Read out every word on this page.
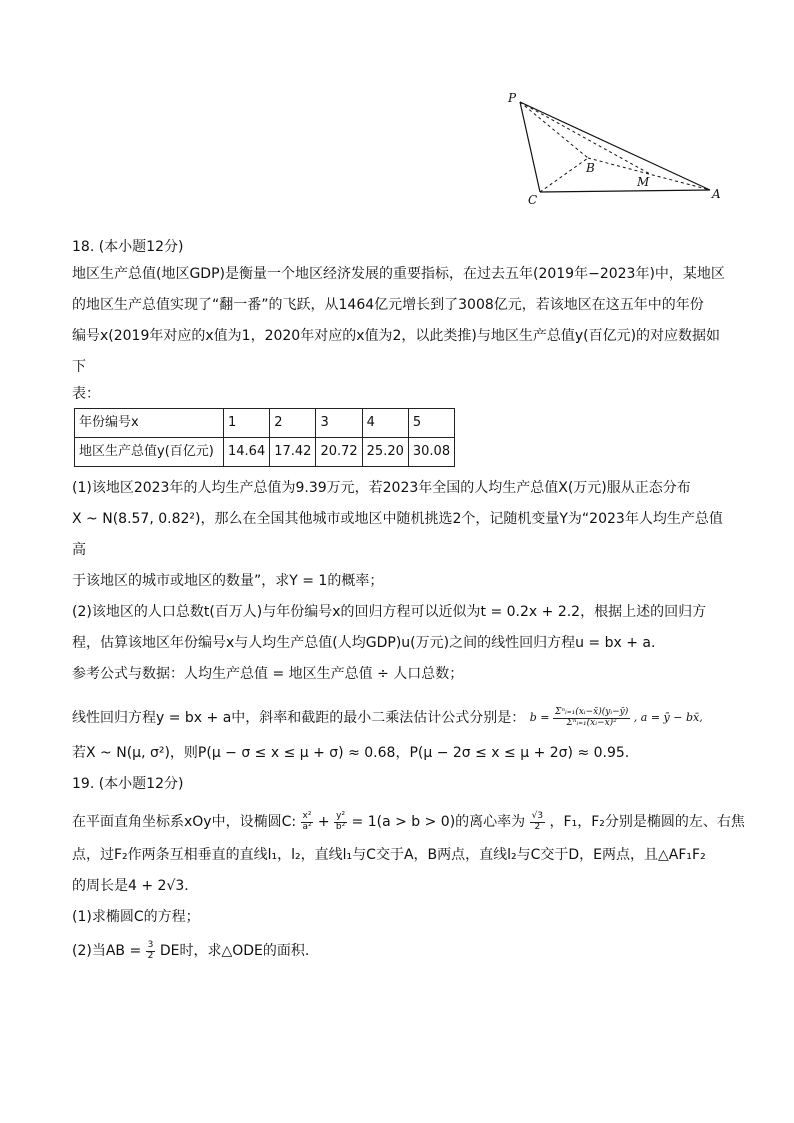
P
B
M
C	A

18. (本小题12分)

地区生产总值(地区GDP)是衡量一个地区经济发展的重要指标，在过去五年(2019年−2023年)中，某地区

的地区生产总值实现了“翻一番”的飞跃，从1464亿元增长到了3008亿元，若该地区在这五年中的年份

编号x(2019年对应的x值为1，2020年对应的x值为2，以此类推)与地区生产总值y(百亿元)的对应数据如下

表：

年份编号x	1	2	3	4	5
地区生产总值y(百亿元)	14.64	17.42	20.72	25.20	30.08

(1)该地区2023年的人均生产总值为9.39万元，若2023年全国的人均生产总值X(万元)服从正态分布

X ~ N(8.57, 0.82²)，那么在全国其他城市或地区中随机挑选2个，记随机变量Y为“2023年人均生产总值高

于该地区的城市或地区的数量”，求Y = 1的概率；

(2)该地区的人口总数t(百万人)与年份编号x的回归方程可以近似为t = 0.2x + 2.2，根据上述的回归方

程，估算该地区年份编号x与人均生产总值(人均GDP)u(万元)之间的线性回归方程u = bx + a.

参考公式与数据：人均生产总值 = 地区生产总值 ÷ 人口总数；

线性回归方程y = bx + a中，斜率和截距的最小二乘法估计公式分别是： $b = \frac{\text{Σⁿᵢ₌₁(xᵢ−x̄)(yᵢ−ȳ)}}{\text{Σⁿᵢ₌₁(xᵢ−x̄)²}}$ , a = ȳ − bx̄,

若X ~ N(μ, σ²)，则P(μ − σ ≤ x ≤ μ + σ) ≈ 0.68，P(μ − 2σ ≤ x ≤ μ + 2σ) ≈ 0.95.

19. (本小题12分)

在平面直角坐标系xOy中，设椭圆C: $\frac{\text{x²}}{\text{a²}} + \frac{\text{y²}}{\text{b²}} = 1(a > b > 0)$的离心率为 $\frac{√3}{2}$ ，F₁，F₂分别是椭圆的左、右焦

点，过F₂作两条互相垂直的直线l₁，l₂，直线l₁与C交于A，B两点，直线l₂与C交于D，E两点，且△AF₁F₂

的周长是4 + 2√3.

(1)求椭圆C的方程；

(2)当AB = $\frac{3}{2}$ DE时，求△ODE的面积.
